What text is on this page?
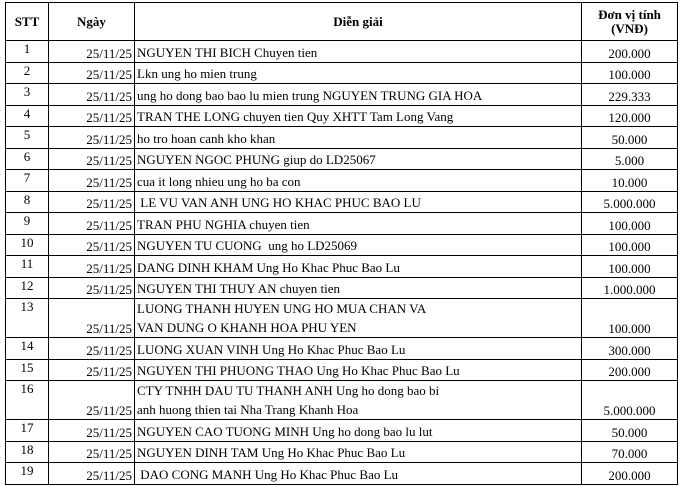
STT	Ngày	Diễn giải	Đơn vị tính
(VNĐ)

1	25/11/25	NGUYEN THI BICH Chuyen tien	200.000
2	25/11/25	Lkn ung ho mien trung	100.000
3	25/11/25	ung ho dong bao bao lu mien trung NGUYEN TRUNG GIA HOA	229.333
4	25/11/25	TRAN THE LONG chuyen tien Quy XHTT Tam Long Vang	120.000
5	25/11/25	ho tro hoan canh kho khan	50.000
6	25/11/25	NGUYEN NGOC PHUNG giup do LD25067	5.000
7	25/11/25	cua it long nhieu ung ho ba con	10.000
8	25/11/25	LE VU VAN ANH UNG HO KHAC PHUC BAO LU	5.000.000
9	25/11/25	TRAN PHU NGHIA chuyen tien	100.000
10	25/11/25	NGUYEN TU CUONG  ung ho LD25069	100.000
11	25/11/25	DANG DINH KHAM Ung Ho Khac Phuc Bao Lu	100.000
12	25/11/25	NGUYEN THI THUY AN chuyen tien	1.000.000
13	25/11/25	LUONG THANH HUYEN UNG HO MUA CHAN VA
VAN DUNG O KHANH HOA PHU YEN	100.000
14	25/11/25	LUONG XUAN VINH Ung Ho Khac Phuc Bao Lu	300.000
15	25/11/25	NGUYEN THI PHUONG THAO Ung Ho Khac Phuc Bao Lu	200.000
16	25/11/25	CTY TNHH DAU TU THANH ANH Ung ho dong bao bi
anh huong thien tai Nha Trang Khanh Hoa	5.000.000
17	25/11/25	NGUYEN CAO TUONG MINH Ung ho dong bao lu lut	50.000
18	25/11/25	NGUYEN DINH TAM Ung Ho Khac Phuc Bao Lu	70.000
19	25/11/25	DAO CONG MANH Ung Ho Khac Phuc Bao Lu	200.000
